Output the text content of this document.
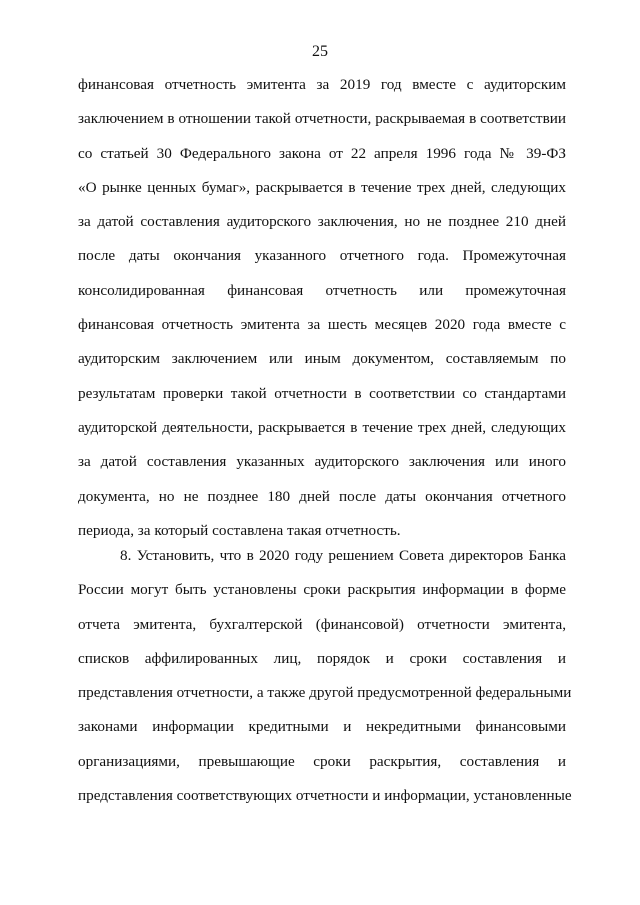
25
финансовая отчетность эмитента за 2019 год вместе с аудиторским
заключением в отношении такой отчетности, раскрываемая в соответствии
со статьей 30 Федерального закона от 22 апреля 1996 года № 39-ФЗ
«О рынке ценных бумаг», раскрывается в течение трех дней, следующих
за датой составления аудиторского заключения, но не позднее 210 дней
после даты окончания указанного отчетного года. Промежуточная
консолидированная финансовая отчетность или промежуточная
финансовая отчетность эмитента за шесть месяцев 2020 года вместе с
аудиторским заключением или иным документом, составляемым по
результатам проверки такой отчетности в соответствии со стандартами
аудиторской деятельности, раскрывается в течение трех дней, следующих
за датой составления указанных аудиторского заключения или иного
документа, но не позднее 180 дней после даты окончания отчетного
периода, за который составлена такая отчетность.
8. Установить, что в 2020 году решением Совета директоров Банка
России могут быть установлены сроки раскрытия информации в форме
отчета эмитента, бухгалтерской (финансовой) отчетности эмитента,
списков аффилированных лиц, порядок и сроки составления и
представления отчетности, а также другой предусмотренной федеральными
законами информации кредитными и некредитными финансовыми
организациями, превышающие сроки раскрытия, составления и
представления соответствующих отчетности и информации, установленные
